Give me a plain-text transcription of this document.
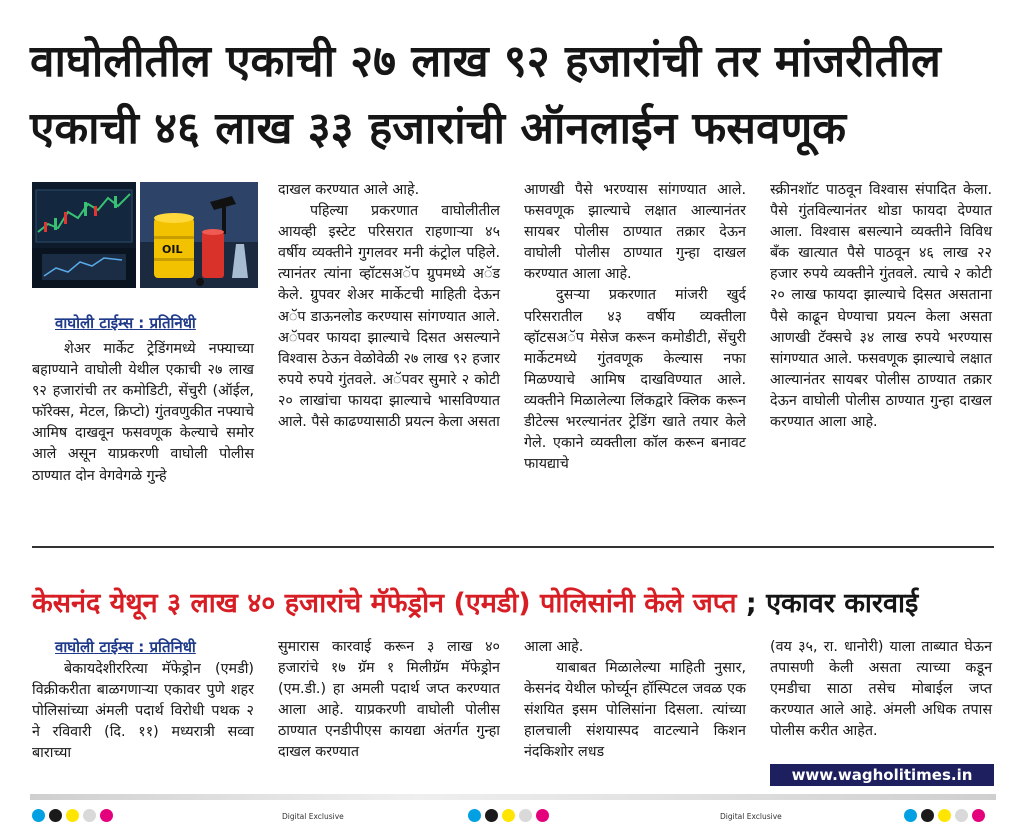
वाघोलीतील एकाची २७ लाख ९२ हजारांची तर मांजरीतील
एकाची ४६ लाख ३३ हजारांची ऑनलाईन फसवणूक
OIL
वाघोली टाईम्स : प्रतिनिधी

शेअर मार्केट ट्रेडिंगमध्ये नफ्याच्या बहाण्याने वाघोली येथील एकाची २७ लाख ९२ हजारांची तर कमोडिटी, सेंचुरी (ऑईल, फॉरेक्स, मेटल, क्रिप्टो) गुंतवणुकीत नफ्याचे आमिष दाखवून फसवणूक केल्याचे समोर आले असून याप्रकरणी वाघोली पोलीस ठाण्यात दोन वेगवेगळे गुन्हे

दाखल करण्यात आले आहे.

पहिल्या प्रकरणात वाघोलीतील आयव्ही इस्टेट परिसरात राहणाऱ्या ४५ वर्षीय व्यक्तीने गुगलवर मनी कंट्रोल पहिले. त्यानंतर त्यांना व्हॉटसअॅप ग्रुपमध्ये अॅड केले. ग्रुपवर शेअर मार्केटची माहिती देऊन अॅप डाऊनलोड करण्यास सांगण्यात आले. अॅपवर फायदा झाल्याचे दिसत असल्याने विश्वास ठेऊन वेळोवेळी २७ लाख ९२ हजार रुपये रुपये गुंतवले. अॅपवर सुमारे २ कोटी २० लाखांचा फायदा झाल्याचे भासविण्यात आले. पैसे काढण्यासाठी प्रयत्न केला असता

आणखी पैसे भरण्यास सांगण्यात आले. फसवणूक झाल्याचे लक्षात आल्यानंतर सायबर पोलीस ठाण्यात तक्रार देऊन वाघोली पोलीस ठाण्यात गुन्हा दाखल करण्यात आला आहे.

दुसऱ्या प्रकरणात मांजरी खुर्द परिसरातील ४३ वर्षीय व्यक्तीला व्हॉटसअॅप मेसेज करून कमोडीटी, सेंचुरी मार्केटमध्ये गुंतवणूक केल्यास नफा मिळण्याचे आमिष दाखविण्यात आले. व्यक्तीने मिळालेल्या लिंकद्वारे क्लिक करून डीटेल्स भरल्यानंतर ट्रेडिंग खाते तयार केले गेले. एकाने व्यक्तीला कॉल करून बनावट फायद्याचे

स्क्रीनशॉट पाठवून विश्वास संपादित केला. पैसे गुंतविल्यानंतर थोडा फायदा देण्यात आला. विश्वास बसल्याने व्यक्तीने विविध बँक खात्यात पैसे पाठवून ४६ लाख २२ हजार रुपये व्यक्तीने गुंतवले. त्याचे २ कोटी २० लाख फायदा झाल्याचे दिसत असताना पैसे काढून घेण्याचा प्रयत्न केला असता आणखी टॅक्सचे ३४ लाख रुपये भरण्यास सांगण्यात आले. फसवणूक झाल्याचे लक्षात आल्यानंतर सायबर पोलीस ठाण्यात तक्रार देऊन वाघोली पोलीस ठाण्यात गुन्हा दाखल करण्यात आला आहे.

केसनंद येथून ३ लाख ४० हजारांचे मॅफेड्रोन (एमडी) पोलिसांनी केले जप्त ; एकावर कारवाई
वाघोली टाईम्स : प्रतिनिधी

बेकायदेशीररित्या मॅफेड्रोन (एमडी) विक्रीकरीता बाळगणाऱ्या एकावर पुणे शहर पोलिसांच्या अंमली पदार्थ विरोधी पथक २ ने रविवारी (दि. ११) मध्यरात्री सव्वा बाराच्या

सुमारास कारवाई करून ३ लाख ४० हजारांचे १७ ग्रॅम १ मिलीग्रॅम मॅफेड्रोन (एम.डी.) हा अमली पदार्थ जप्त करण्यात आला आहे. याप्रकरणी वाघोली पोलीस ठाण्यात एनडीपीएस कायद्या अंतर्गत गुन्हा दाखल करण्यात

आला आहे.

याबाबत मिळालेल्या माहिती नुसार, केसनंद येथील फोर्च्यून हॉस्पिटल जवळ एक संशयित इसम पोलिसांना दिसला. त्यांच्या हालचाली संशयास्पद वाटल्याने किशन नंदकिशोर लधड

(वय ३५, रा. धानोरी) याला ताब्यात घेऊन तपासणी केली असता त्याच्या कडून एमडीचा साठा तसेच मोबाईल जप्त करण्यात आले आहे. अंमली अधिक तपास पोलीस करीत आहेत.

www.wagholitimes.in
Digital Exclusive	Digital Exclusive
